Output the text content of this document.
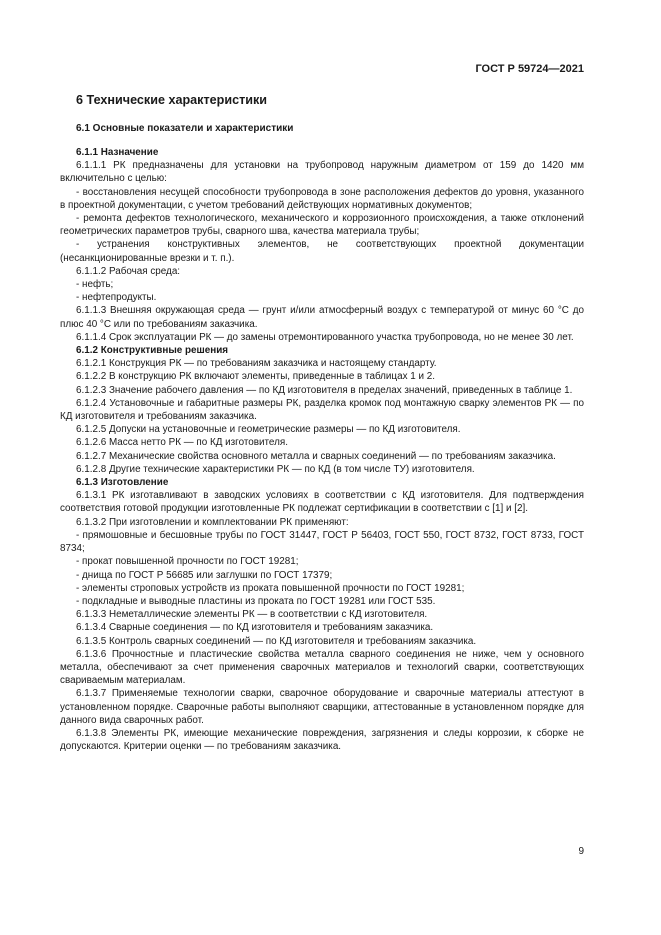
ГОСТ Р 59724—2021

6 Технические характеристики
6.1 Основные показатели и характеристики

6.1.1 Назначение

6.1.1.1 РК предназначены для установки на трубопровод наружным диаметром от 159 до 1420 мм включительно с целью:

- восстановления несущей способности трубопровода в зоне расположения дефектов до уровня, указанного в проектной документации, с учетом требований действующих нормативных документов;

- ремонта дефектов технологического, механического и коррозионного происхождения, а также отклонений геометрических параметров трубы, сварного шва, качества материала трубы;

- устранения конструктивных элементов, не соответствующих проектной документации (несанкционированные врезки и т. п.).

6.1.1.2 Рабочая среда:

- нефть;

- нефтепродукты.

6.1.1.3 Внешняя окружающая среда — грунт и/или атмосферный воздух с температурой от минус 60 °С до плюс 40 °С или по требованиям заказчика.

6.1.1.4 Срок эксплуатации РК — до замены отремонтированного участка трубопровода, но не менее 30 лет.

6.1.2 Конструктивные решения

6.1.2.1 Конструкция РК — по требованиям заказчика и настоящему стандарту.

6.1.2.2 В конструкцию РК включают элементы, приведенные в таблицах 1 и 2.

6.1.2.3 Значение рабочего давления — по КД изготовителя в пределах значений, приведенных в таблице 1.

6.1.2.4 Установочные и габаритные размеры РК, разделка кромок под монтажную сварку элементов РК — по КД изготовителя и требованиям заказчика.

6.1.2.5 Допуски на установочные и геометрические размеры — по КД изготовителя.

6.1.2.6 Масса нетто РК — по КД изготовителя.

6.1.2.7 Механические свойства основного металла и сварных соединений — по требованиям заказчика.

6.1.2.8 Другие технические характеристики РК — по КД (в том числе ТУ) изготовителя.

6.1.3 Изготовление

6.1.3.1 РК изготавливают в заводских условиях в соответствии с КД изготовителя. Для подтверждения соответствия готовой продукции изготовленные РК подлежат сертификации в соответствии с [1] и [2].

6.1.3.2 При изготовлении и комплектовании РК применяют:

- прямошовные и бесшовные трубы по ГОСТ 31447, ГОСТ Р 56403, ГОСТ 550, ГОСТ 8732, ГОСТ 8733, ГОСТ 8734;

- прокат повышенной прочности по ГОСТ 19281;

- днища по ГОСТ Р 56685 или заглушки по ГОСТ 17379;

- элементы строповых устройств из проката повышенной прочности по ГОСТ 19281;

- подкладные и выводные пластины из проката по ГОСТ 19281 или ГОСТ 535.

6.1.3.3 Неметаллические элементы РК — в соответствии с КД изготовителя.

6.1.3.4 Сварные соединения — по КД изготовителя и требованиям заказчика.

6.1.3.5 Контроль сварных соединений — по КД изготовителя и требованиям заказчика.

6.1.3.6 Прочностные и пластические свойства металла сварного соединения не ниже, чем у основного металла, обеспечивают за счет применения сварочных материалов и технологий сварки, соответствующих свариваемым материалам.

6.1.3.7 Применяемые технологии сварки, сварочное оборудование и сварочные материалы аттестуют в установленном порядке. Сварочные работы выполняют сварщики, аттестованные в установленном порядке для данного вида сварочных работ.

6.1.3.8 Элементы РК, имеющие механические повреждения, загрязнения и следы коррозии, к сборке не допускаются. Критерии оценки — по требованиям заказчика.

9
